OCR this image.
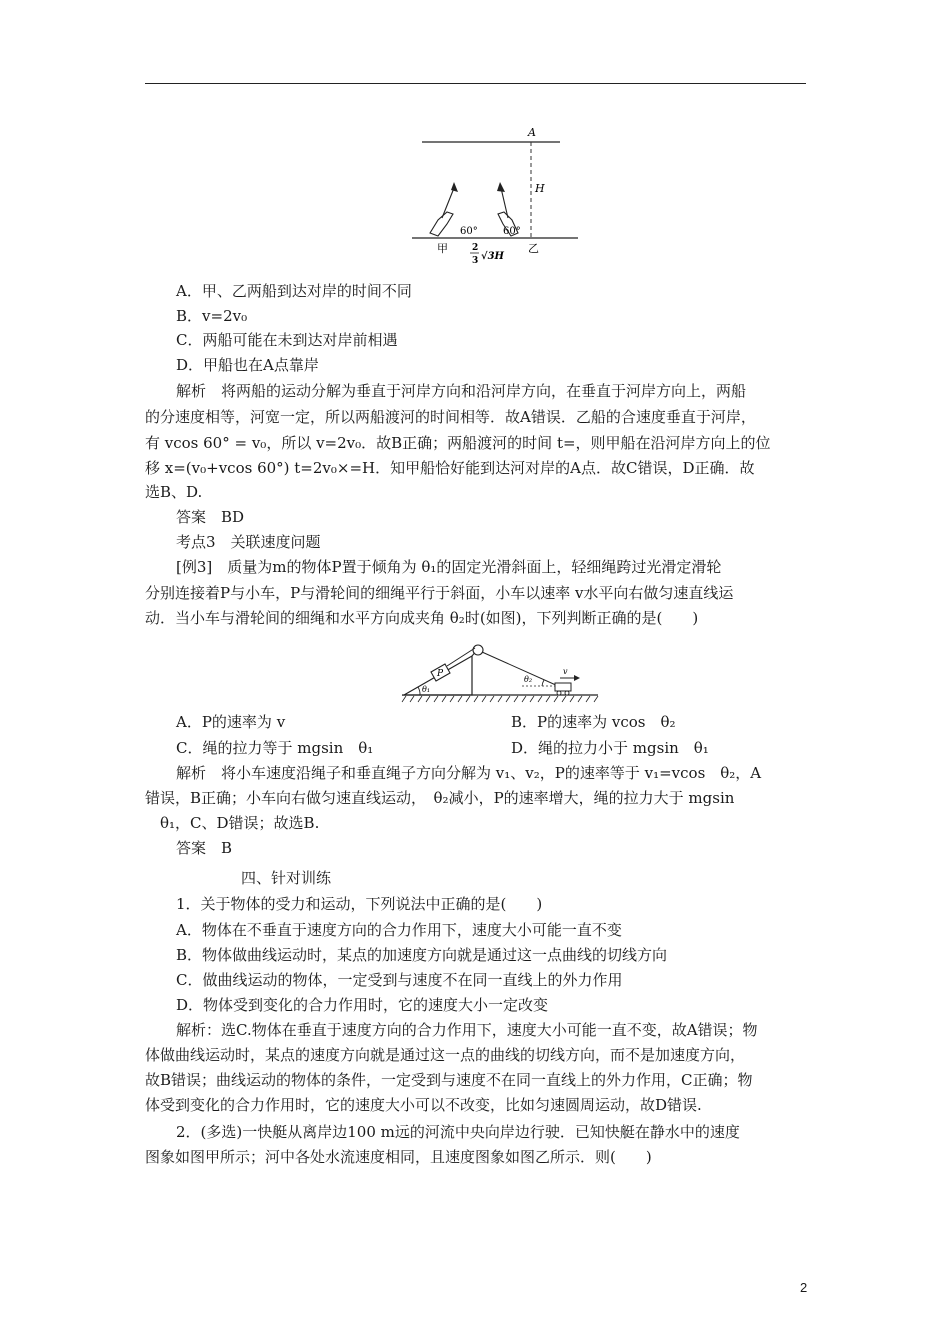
A
H
60°	60°
甲	乙
2
3 √3H
A．甲、乙两船到达对岸的时间不同
B．v=2v₀
C．两船可能在未到达对岸前相遇
D．甲船也在A点靠岸
解析　将两船的运动分解为垂直于河岸方向和沿河岸方向，在垂直于河岸方向上，两船
的分速度相等，河宽一定，所以两船渡河的时间相等．故A错误．乙船的合速度垂直于河岸，
有 vcos 60° = v₀，所以 v=2v₀．故B正确；两船渡河的时间 t=，则甲船在沿河岸方向上的位
移 x=(v₀+vcos 60°) t=2v₀×=H．知甲船恰好能到达河对岸的A点．故C错误，D正确．故
选B、D.
答案　BD
考点3　关联速度问题
[例3]　质量为m的物体P置于倾角为 θ₁的固定光滑斜面上，轻细绳跨过光滑定滑轮
分别连接着P与小车，P与滑轮间的细绳平行于斜面，小车以速率 v水平向右做匀速直线运
动．当小车与滑轮间的细绳和水平方向成夹角 θ₂时(如图)，下列判断正确的是(　　)
P
θ₁
θ₂
v
A．P的速率为 v	B．P的速率为 vcos　θ₂
C．绳的拉力等于 mgsin　θ₁	D．绳的拉力小于 mgsin　θ₁
解析　将小车速度沿绳子和垂直绳子方向分解为 v₁、v₂，P的速率等于 v₁=vcos　θ₂，A
错误，B正确；小车向右做匀速直线运动，　θ₂减小，P的速率增大，绳的拉力大于 mgsin
θ₁，C、D错误；故选B.
答案　B
四、针对训练
1．关于物体的受力和运动，下列说法中正确的是(　　)
A．物体在不垂直于速度方向的合力作用下，速度大小可能一直不变
B．物体做曲线运动时，某点的加速度方向就是通过这一点曲线的切线方向
C．做曲线运动的物体，一定受到与速度不在同一直线上的外力作用
D．物体受到变化的合力作用时，它的速度大小一定改变
解析：选C.物体在垂直于速度方向的合力作用下，速度大小可能一直不变，故A错误；物
体做曲线运动时，某点的速度方向就是通过这一点的曲线的切线方向，而不是加速度方向，
故B错误；曲线运动的物体的条件，一定受到与速度不在同一直线上的外力作用，C正确；物
体受到变化的合力作用时，它的速度大小可以不改变，比如匀速圆周运动，故D错误.
2．(多选)一快艇从离岸边100 m远的河流中央向岸边行驶．已知快艇在静水中的速度
图象如图甲所示；河中各处水流速度相同，且速度图象如图乙所示．则(　　)
2
